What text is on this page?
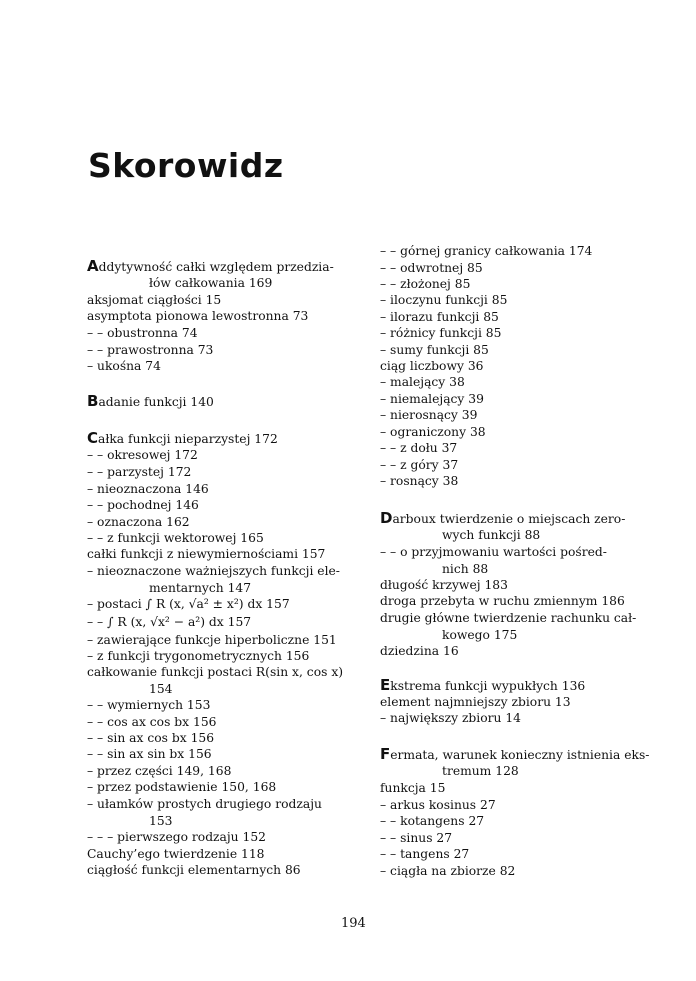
Skorowidz
Addytywność całki względem przedzia-
łów całkowania 169
aksjomat ciągłości 15
asymptota pionowa lewostronna 73
– – obustronna 74
– – prawostronna 73
– ukośna 74
Badanie funkcji 140
Całka funkcji nieparzystej 172
– – okresowej 172
– – parzystej 172
– nieoznaczona 146
– – pochodnej 146
– oznaczona 162
– – z funkcji wektorowej 165
całki funkcji z niewymiernościami 157
– nieoznaczone ważniejszych funkcji ele-
mentarnych 147
– postaci ∫ R (x, √a² ± x²) dx 157
– – ∫ R (x, √x² − a²) dx 157
– zawierające funkcje hiperboliczne 151
– z funkcji trygonometrycznych 156
całkowanie funkcji postaci R(sin x, cos x)
154
– – wymiernych 153
– – cos ax cos bx 156
– – sin ax cos bx 156
– – sin ax sin bx 156
– przez części 149, 168
– przez podstawienie 150, 168
– ułamków prostych drugiego rodzaju
153
– – – pierwszego rodzaju 152
Cauchy’ego twierdzenie 118
ciągłość funkcji elementarnych 86
– – górnej granicy całkowania 174
– – odwrotnej 85
– – złożonej 85
– iloczynu funkcji 85
– ilorazu funkcji 85
– różnicy funkcji 85
– sumy funkcji 85
ciąg liczbowy 36
– malejący 38
– niemalejący 39
– nierosnący 39
– ograniczony 38
– – z dołu 37
– – z góry 37
– rosnący 38
Darboux twierdzenie o miejscach zero-
wych funkcji 88
– – o przyjmowaniu wartości pośred-
nich 88
długość krzywej 183
droga przebyta w ruchu zmiennym 186
drugie główne twierdzenie rachunku cał-
kowego 175
dziedzina 16
Ekstrema funkcji wypukłych 136
element najmniejszy zbioru 13
– największy zbioru 14
Fermata, warunek konieczny istnienia eks-
tremum 128
funkcja 15
– arkus kosinus 27
– – kotangens 27
– – sinus 27
– – tangens 27
– ciągła na zbiorze 82
194
